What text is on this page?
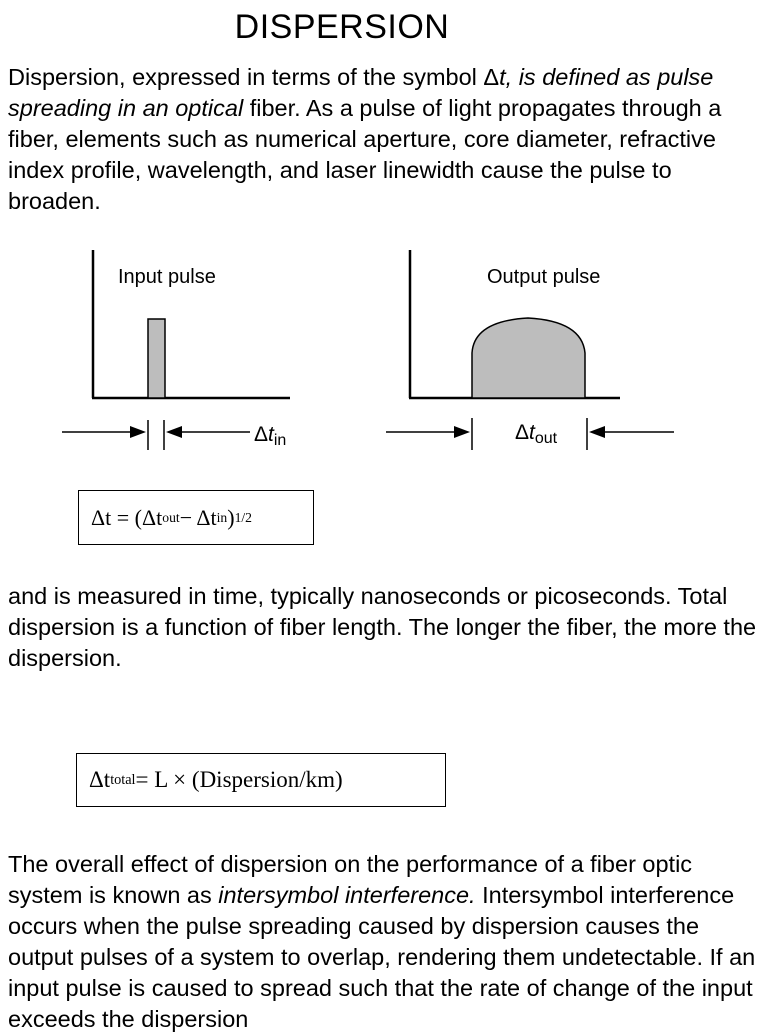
DISPERSION
Dispersion, expressed in terms of the symbol Δt, is defined as pulse spreading in an optical fiber. As a pulse of light propagates through a fiber, elements such as numerical aperture, core diameter, refractive index profile, wavelength, and laser linewidth cause the pulse to broaden.
Input pulse
Δtin
Output pulse
Δtout
Δt = (Δt out − Δt in ) 1/2
and is measured in time, typically nanoseconds or picoseconds. Total dispersion is a function of fiber length. The longer the fiber, the more the dispersion.
Δt total = L × (Dispersion/km)
The overall effect of dispersion on the performance of a fiber optic system is known as intersymbol interference. Intersymbol interference occurs when the pulse spreading caused by dispersion causes the output pulses of a system to overlap, rendering them undetectable. If an input pulse is caused to spread such that the rate of change of the input exceeds the dispersion
